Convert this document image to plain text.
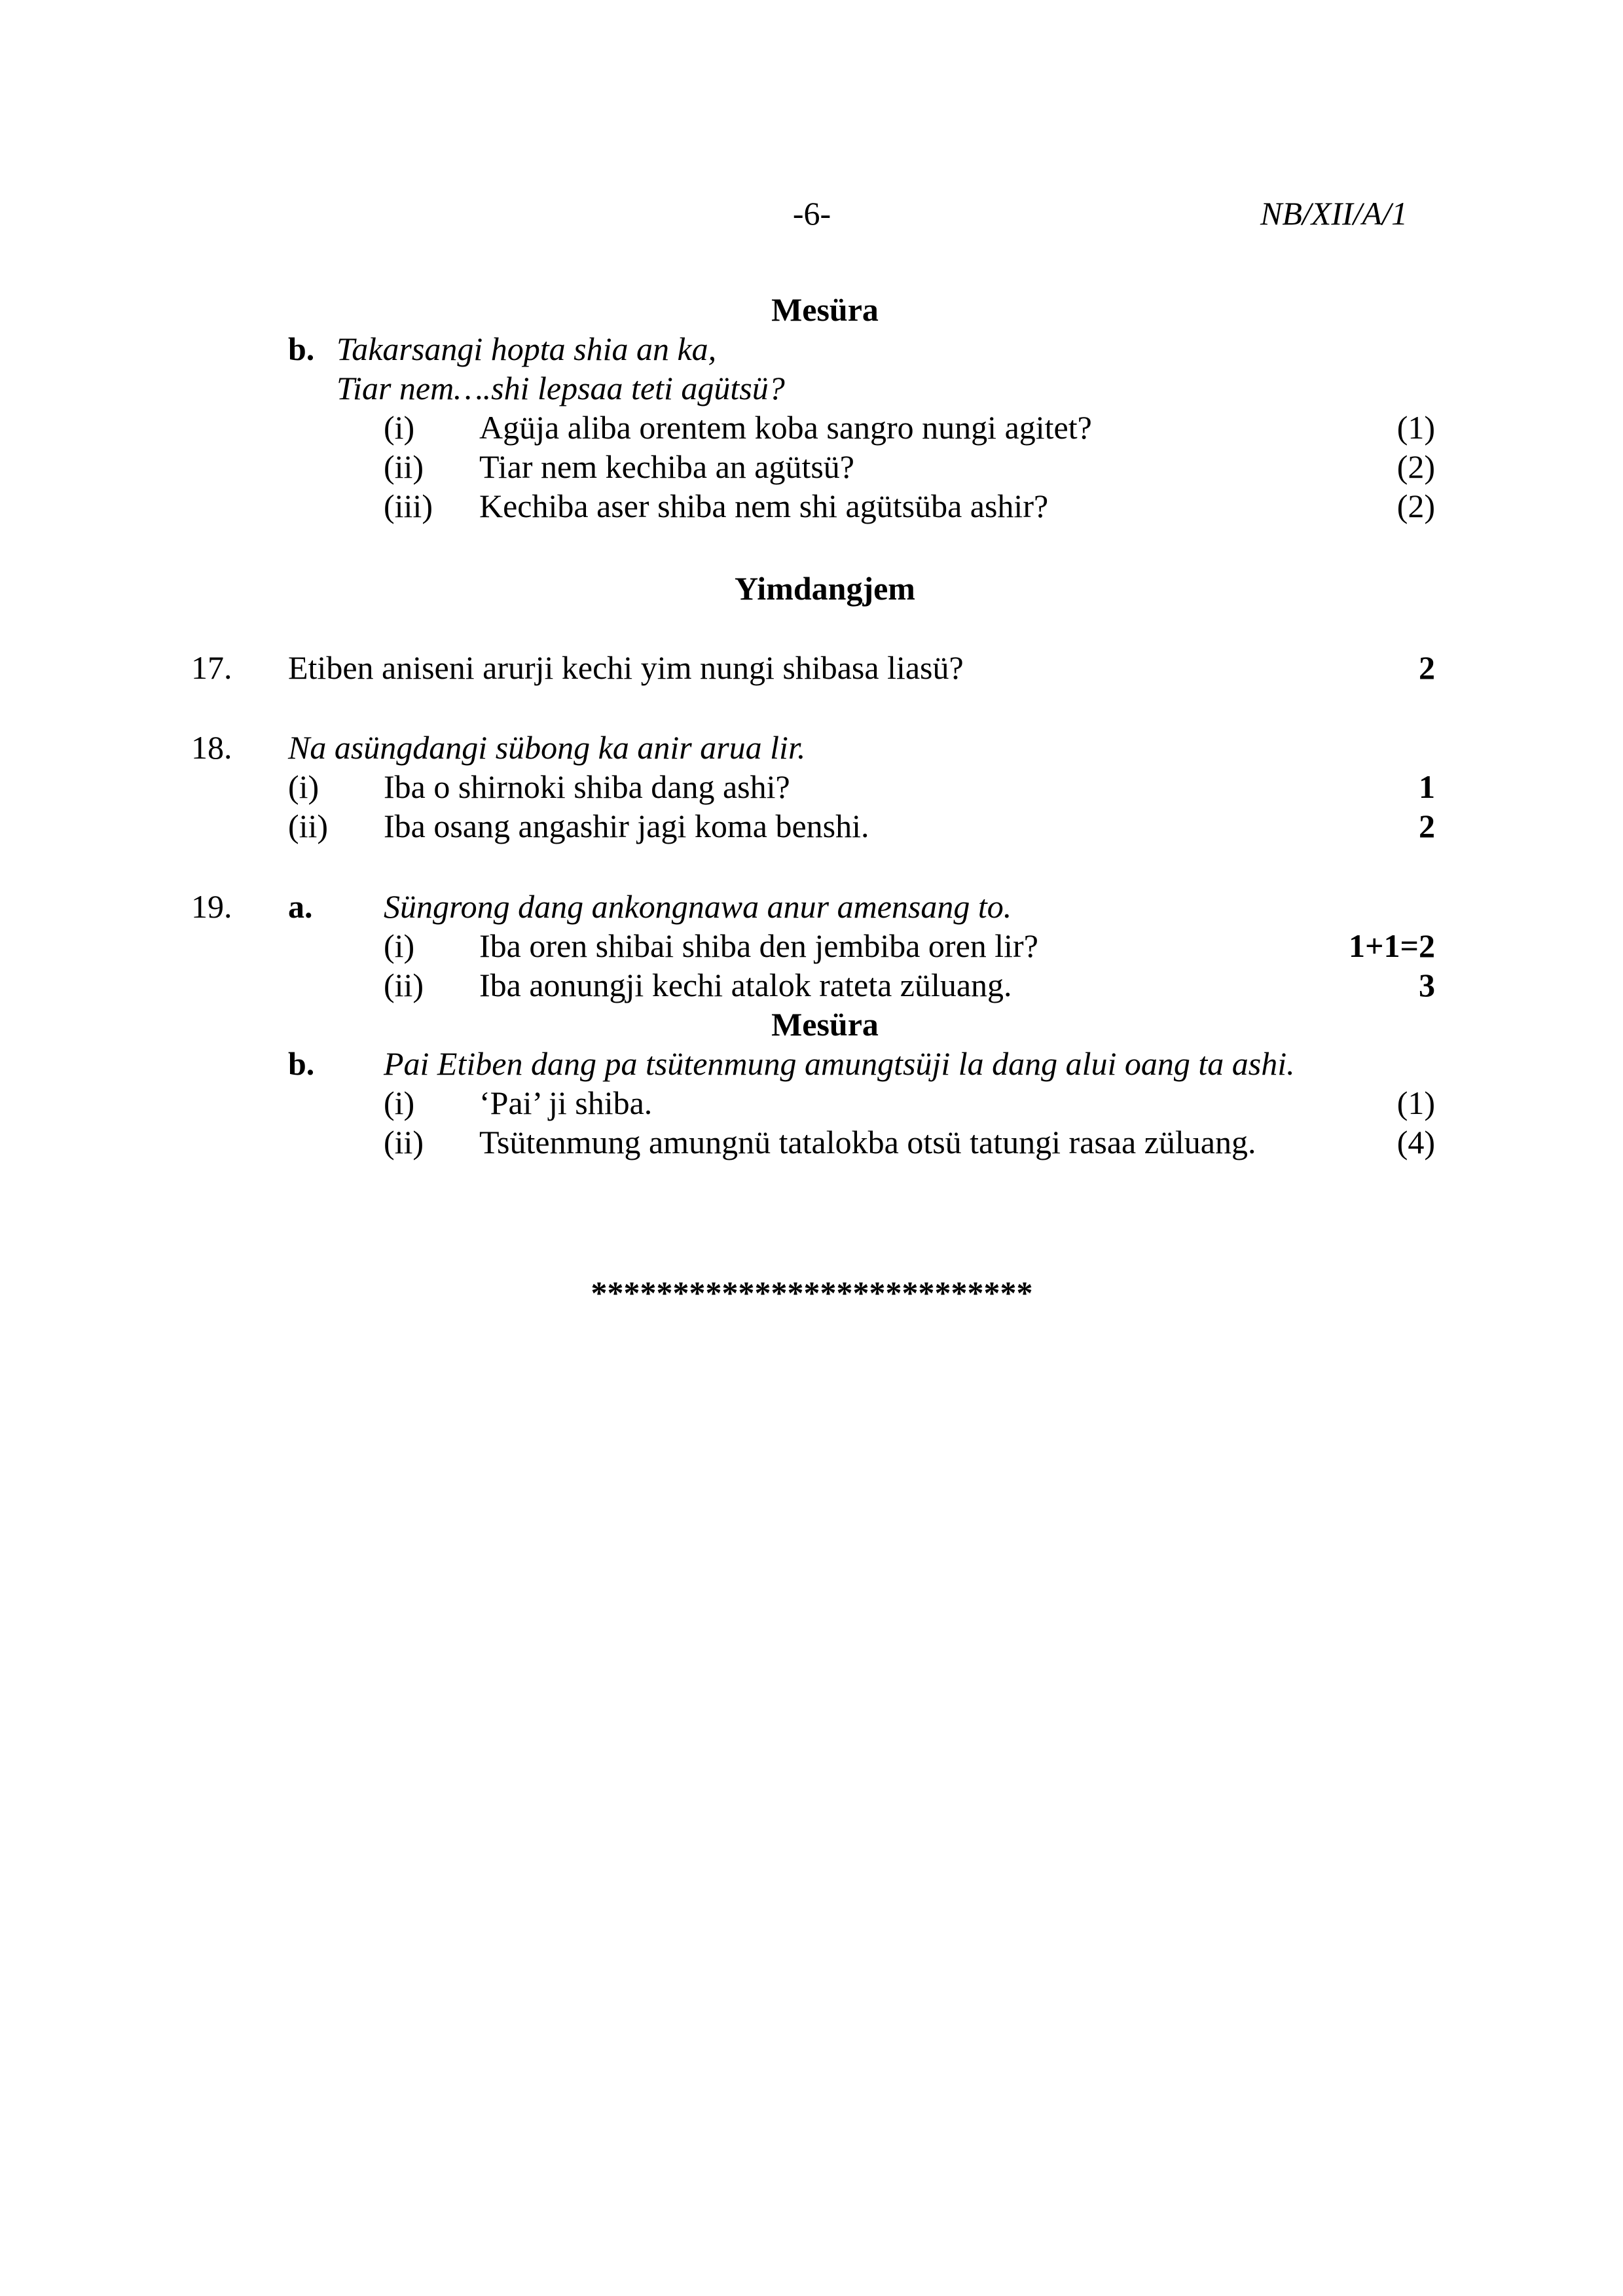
-6-	NB/XII/A/1
Mesüra
b. Takarsangi hopta shia an ka,
Tiar nem….shi lepsaa teti agütsü?
(i) Agüja aliba orentem koba sangro nungi agitet?	(1)
(ii) Tiar nem kechiba an agütsü?	(2)
(iii) Kechiba aser shiba nem shi agütsüba ashir?	(2)
Yimdangjem
17. Etiben aniseni arurji kechi yim nungi shibasa liasü?	2
18. Na asüngdangi sübong ka anir arua lir.
(i) Iba o shirnoki shiba dang ashi?	1
(ii) Iba osang angashir jagi koma benshi.	2
19. a. Süngrong dang ankongnawa anur amensang to.
(i) Iba oren shibai shiba den jembiba oren lir?	1+1=2
(ii) Iba aonungji kechi atalok rateta züluang.	3
Mesüra
b. Pai Etiben dang pa tsütenmung amungtsüji la dang alui oang ta ashi.
(i) ‘Pai’ ji shiba.	(1)
(ii) Tsütenmung amungnü tatalokba otsü tatungi rasaa züluang.	(4)
***************************
